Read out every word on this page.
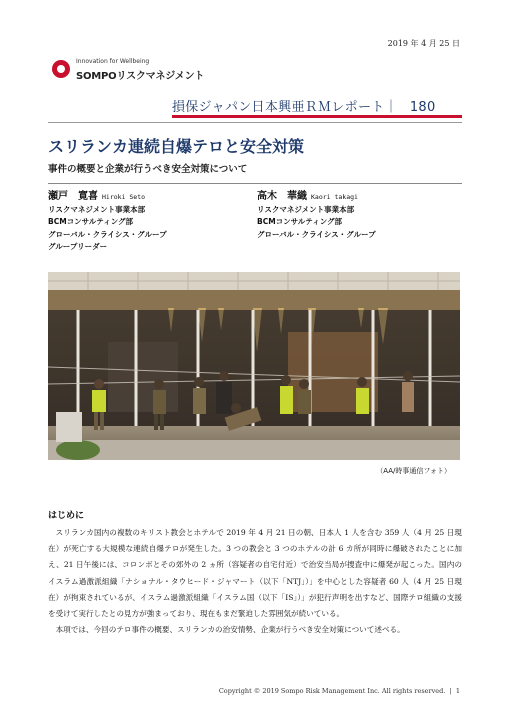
2019 年 4 月 25 日
Innovation for Wellbeing
SOMPOリスクマネジメント
損保ジャパン日本興亜ＲＭレポート｜ 180
スリランカ連続自爆テロと安全対策
事件の概要と企業が行うべき安全対策について
瀬戸　寛喜 Hiroki Seto
リスクマネジメント事業本部
BCMコンサルティング部
グローバル・クライシス・グループ
グループリーダー
高木　華織 Kaori takagi
リスクマネジメント事業本部
BCMコンサルティング部
グローバル・クライシス・グループ
（AA/時事通信フォト）
はじめに

スリランカ国内の複数のキリスト教会とホテルで 2019 年 4 月 21 日の朝、日本人 1 人を含む 359 人（4 月 25 日現在）が死亡する大規模な連続自爆テロが発生した。3 つの教会と 3 つのホテルの計 6 カ所が同時に爆破されたことに加え、21 日午後には、コロンボとその郊外の 2 ヵ所（容疑者の自宅付近）で治安当局が捜査中に爆発が起こった。国内のイスラム過激派組織「ナショナル・タウヒード・ジャマート（以下「NTJ」）」を中心とした容疑者 60 人（4 月 25 日現在）が拘束されているが、イスラム過激派組織「イスラム国（以下「IS」）」が犯行声明を出すなど、国際テロ組織の支援を受けて実行したとの見方が強まっており、現在もまだ緊迫した雰囲気が続いている。

本項では、今回のテロ事件の概要、スリランカの治安情勢、企業が行うべき安全対策について述べる。

Copyright © 2019 Sompo Risk Management Inc. All rights reserved.  |  1
